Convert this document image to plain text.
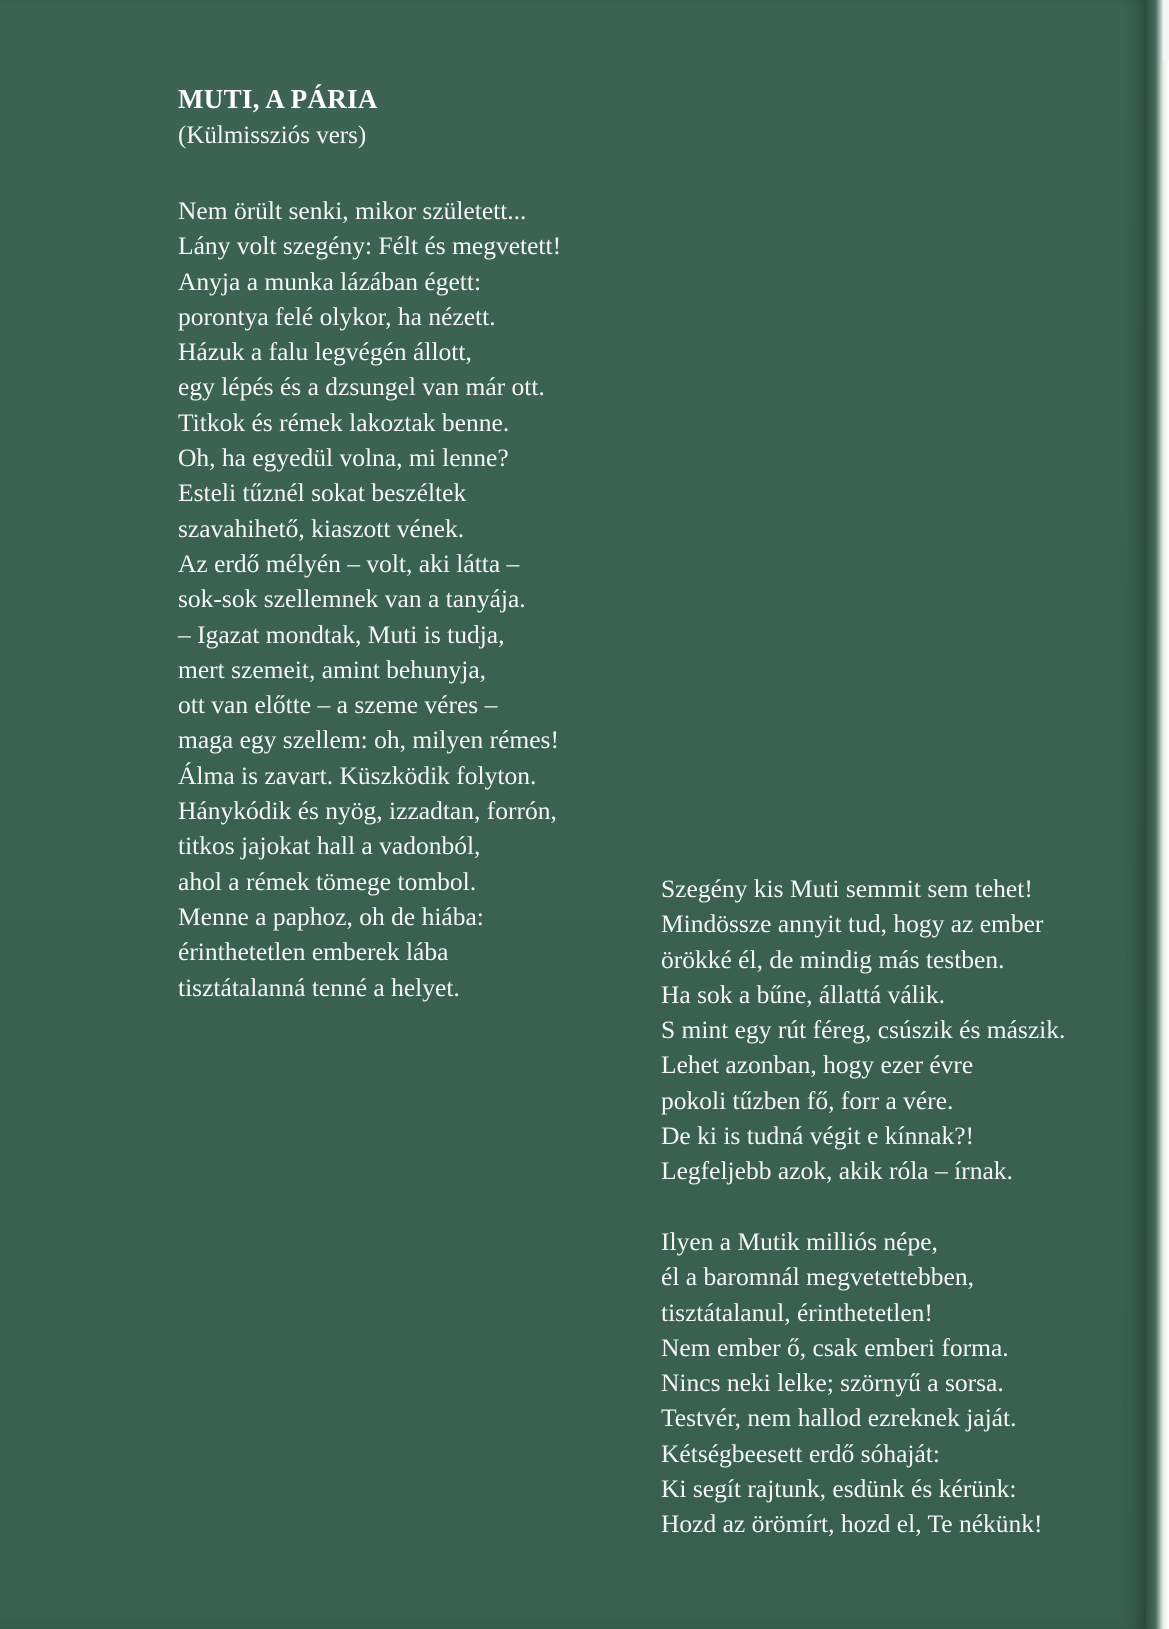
MUTI, A PÁRIA

(Külmissziós vers)

Nem örült senki, mikor született...
Lány volt szegény: Félt és megvetett!
Anyja a munka lázában égett:
porontya felé olykor, ha nézett.
Házuk a falu legvégén állott,
egy lépés és a dzsungel van már ott.
Titkok és rémek lakoztak benne.
Oh, ha egyedül volna, mi lenne?
Esteli tűznél sokat beszéltek
szavahihető, kiaszott vének.
Az erdő mélyén – volt, aki látta –
sok-sok szellemnek van a tanyája.
– Igazat mondtak, Muti is tudja,
mert szemeit, amint behunyja,
ott van előtte – a szeme véres –
maga egy szellem: oh, milyen rémes!
Álma is zavart. Küszködik folyton.
Hánykódik és nyög, izzadtan, forrón,
titkos jajokat hall a vadonból,
ahol a rémek tömege tombol.
Menne a paphoz, oh de hiába:
érinthetetlen emberek lába
tisztátalanná tenné a helyet.
Szegény kis Muti semmit sem tehet!
Mindössze annyit tud, hogy az ember
örökké él, de mindig más testben.
Ha sok a bűne, állattá válik.
S mint egy rút féreg, csúszik és mászik.
Lehet azonban, hogy ezer évre
pokoli tűzben fő, forr a vére.
De ki is tudná végit e kínnak?!
Legfeljebb azok, akik róla – írnak.
Ilyen a Mutik milliós népe,
él a baromnál megvetettebben,
tisztátalanul, érinthetetlen!
Nem ember ő, csak emberi forma.
Nincs neki lelke; szörnyű a sorsa.
Testvér, nem hallod ezreknek jaját.
Kétségbeesett erdő sóhaját:
Ki segít rajtunk, esdünk és kérünk:
Hozd az örömírt, hozd el, Te nékünk!
